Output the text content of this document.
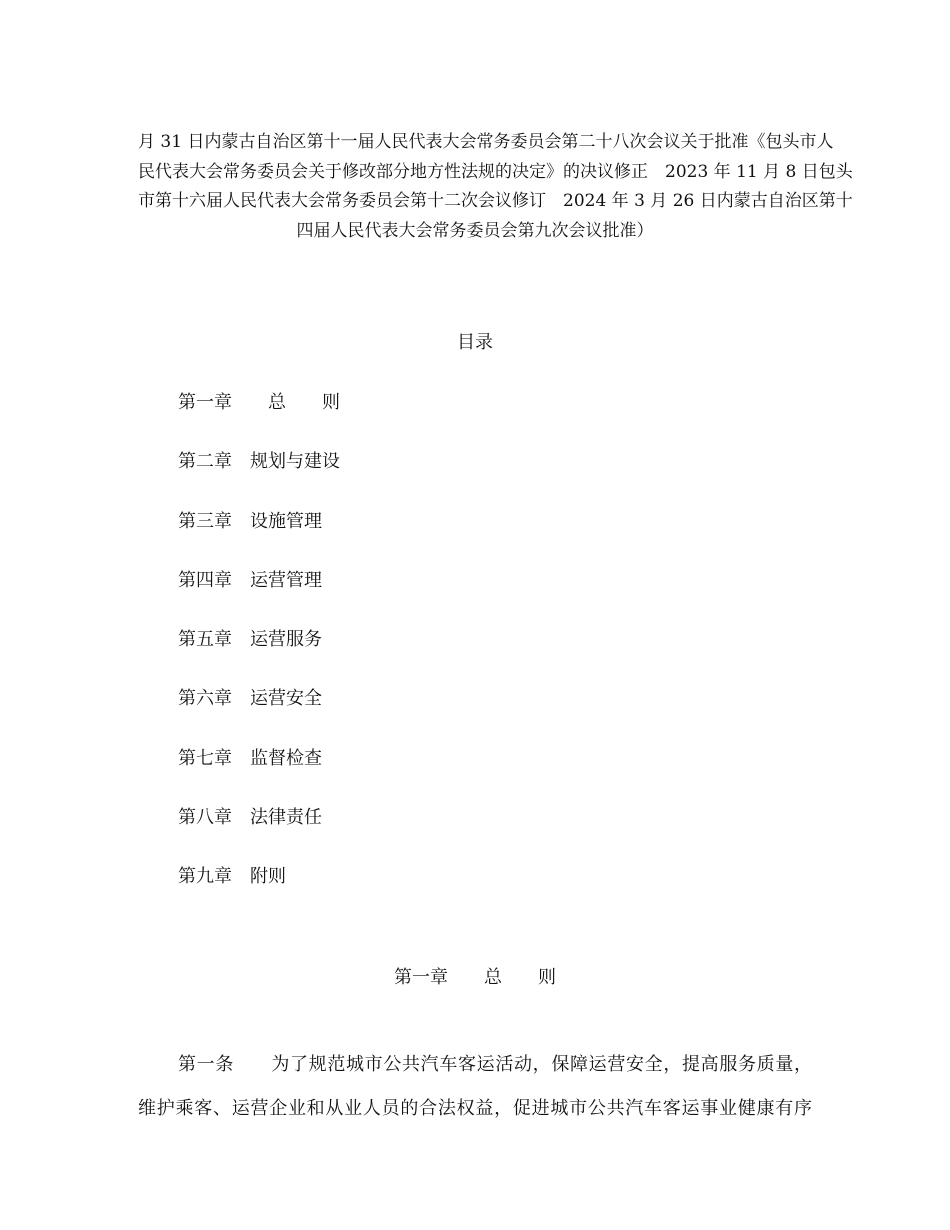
月 31 日内蒙古自治区第十一届人民代表大会常务委员会第二十八次会议关于批准《包头市人
民代表大会常务委员会关于修改部分地方性法规的决定》的决议修正　2023 年 11 月 8 日包头
市第十六届人民代表大会常务委员会第十二次会议修订　2024 年 3 月 26 日内蒙古自治区第十
四届人民代表大会常务委员会第九次会议批准）
目录
第一章　　总　　则
第二章　规划与建设
第三章　设施管理
第四章　运营管理
第五章　运营服务
第六章　运营安全
第七章　监督检查
第八章　法律责任
第九章　附则
第一章　　总　　则
第一条　　为了规范城市公共汽车客运活动，保障运营安全，提高服务质量，
维护乘客、运营企业和从业人员的合法权益，促进城市公共汽车客运事业健康有序
